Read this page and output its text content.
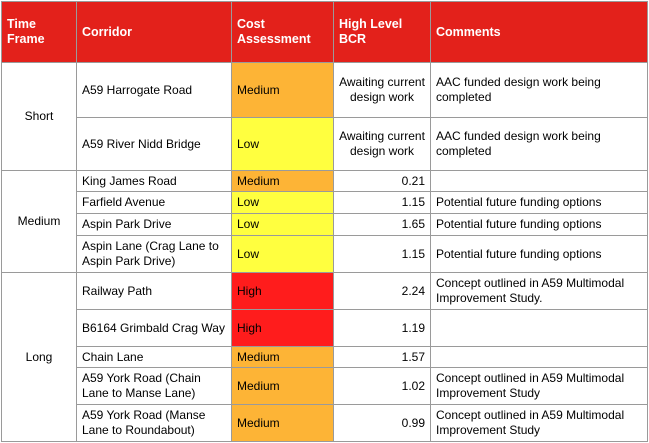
Time Frame	Corridor	Cost Assessment	High Level BCR	Comments
Short	A59 Harrogate Road	Medium	Awaiting current design work	AAC funded design work being completed
	A59 River Nidd Bridge	Low	Awaiting current design work	AAC funded design work being completed
Medium	King James Road	Medium	0.21	
	Farfield Avenue	Low	1.15	Potential future funding options
	Aspin Park Drive	Low	1.65	Potential future funding options
	Aspin Lane (Crag Lane to Aspin Park Drive)	Low	1.15	Potential future funding options
Long	Railway Path	High	2.24	Concept outlined in A59 Multimodal Improvement Study.
	B6164 Grimbald Crag Way	High	1.19	
	Chain Lane	Medium	1.57	
	A59 York Road (Chain Lane to Manse Lane)	Medium	1.02	Concept outlined in A59 Multimodal Improvement Study
	A59 York Road (Manse Lane to Roundabout)	Medium	0.99	Concept outlined in A59 Multimodal Improvement Study
